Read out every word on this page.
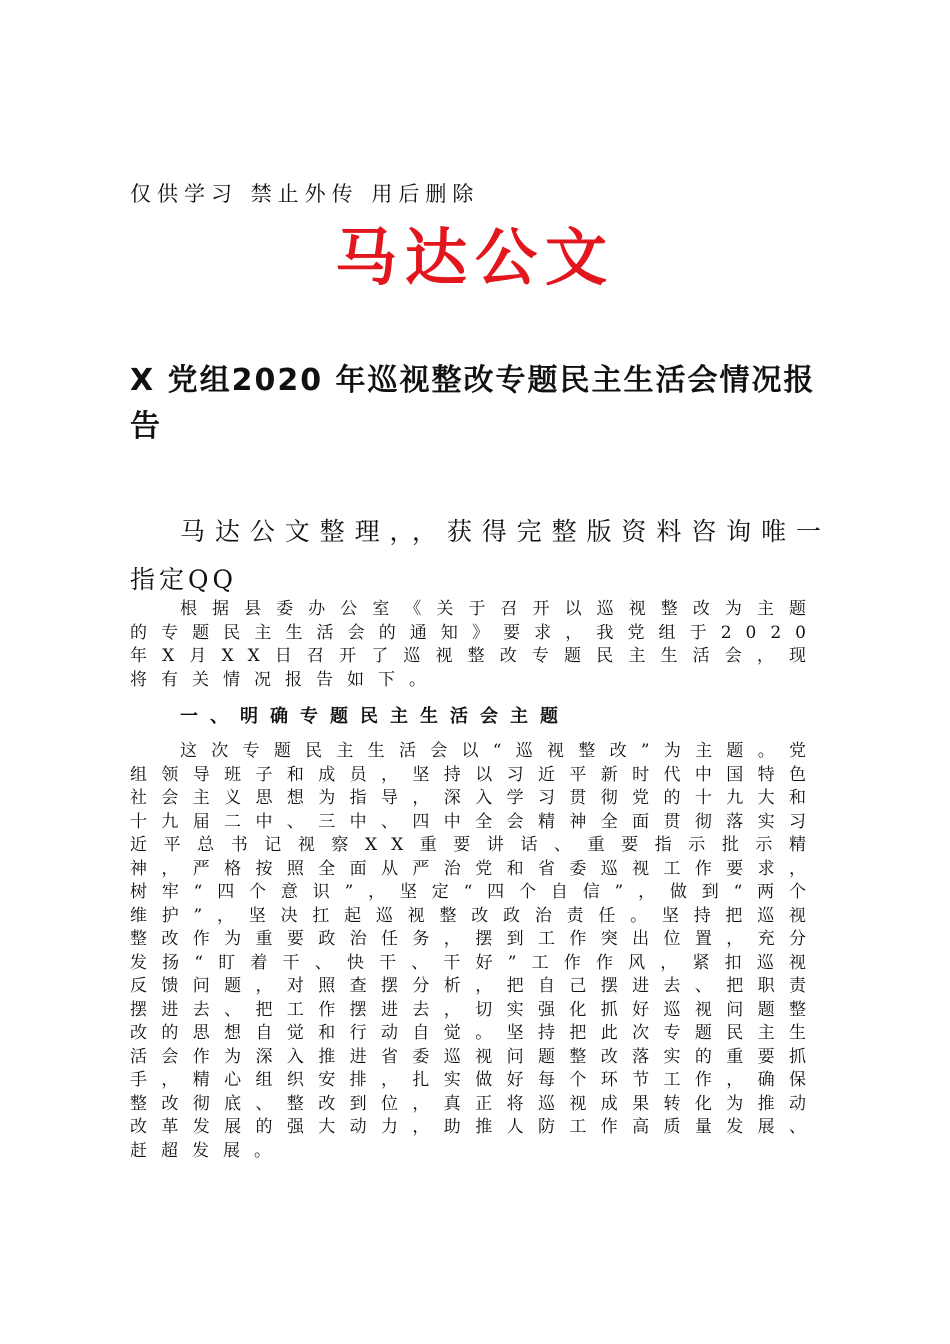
仅供学习 禁止外传 用后删除
马达公文
X 党组2020 年巡视整改专题民主生活会情况报告
马达公文整理，，获得完整版资料咨询唯一
指定QQ
根据县委办公室《关于召开以巡视整改为主题的专题民主生活会的通知》要求，我党组于2020年X月XX日召开了巡视整改专题民主生活会，现将有关情况报告如下。
一、明确专题民主生活会主题
这次专题民主生活会以“巡视整改”为主题。党组领导班子和成员，坚持以习近平新时代中国特色社会主义思想为指导，深入学习贯彻党的十九大和十九届二中、三中、四中全会精神全面贯彻落实习近平总书记视察XX重要讲话、重要指示批示精神，严格按照全面从严治党和省委巡视工作要求，树牢“四个意识”，坚定“四个自信”，做到“两个维护”，坚决扛起巡视整改政治责任。坚持把巡视整改作为重要政治任务，摆到工作突出位置，充分发扬“盯着干、快干、干好”工作作风，紧扣巡视反馈问题，对照查摆分析，把自己摆进去、把职责摆进去、把工作摆进去，切实强化抓好巡视问题整改的思想自觉和行动自觉。坚持把此次专题民主生活会作为深入推进省委巡视问题整改落实的重要抓手，精心组织安排，扎实做好每个环节工作，确保整改彻底、整改到位，真正将巡视成果转化为推动改革发展的强大动力，助推人防工作高质量发展、赶超发展。
